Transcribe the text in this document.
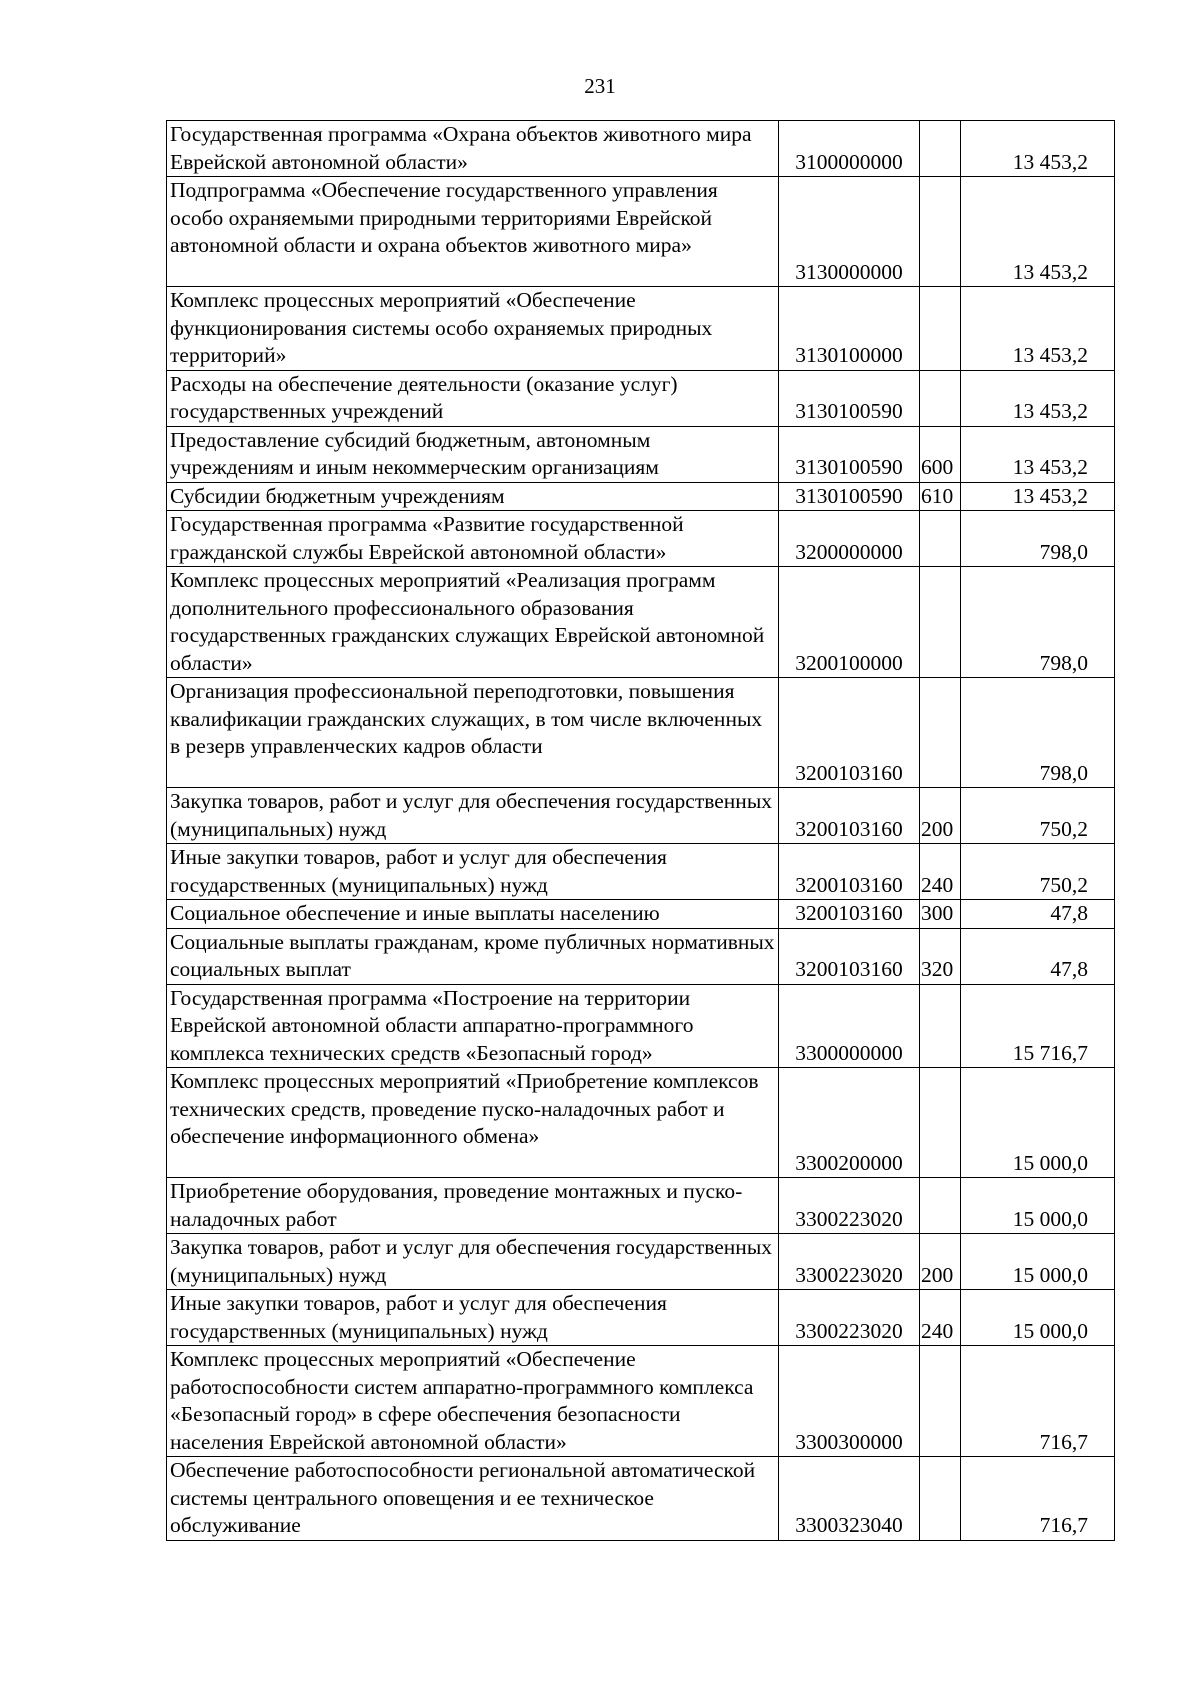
231
Государственная программа «Охрана объектов животного мира Еврейской автономной области»	3100000000		13 453,2
Подпрограмма «Обеспечение государственного управления особо охраняемыми природными территориями Еврейской автономной области и охрана объектов животного мира»	3130000000		13 453,2
Комплекс процессных мероприятий «Обеспечение функционирования системы особо охраняемых природных территорий»	3130100000		13 453,2
Расходы на обеспечение деятельности (оказание услуг) государственных учреждений	3130100590		13 453,2
Предоставление субсидий бюджетным, автономным учреждениям и иным некоммерческим организациям	3130100590	600	13 453,2
Субсидии бюджетным учреждениям	3130100590	610	13 453,2
Государственная программа «Развитие государственной гражданской службы Еврейской автономной области»	3200000000		798,0
Комплекс процессных мероприятий «Реализация программ дополнительного профессионального образования государственных гражданских служащих Еврейской автономной области»	3200100000		798,0
Организация профессиональной переподготовки, повышения квалификации гражданских служащих, в том числе включенных в резерв управленческих кадров области	3200103160		798,0
Закупка товаров, работ и услуг для обеспечения государственных (муниципальных) нужд	3200103160	200	750,2
Иные закупки товаров, работ и услуг для обеспечения государственных (муниципальных) нужд	3200103160	240	750,2
Социальное обеспечение и иные выплаты населению	3200103160	300	47,8
Социальные выплаты гражданам, кроме публичных нормативных социальных выплат	3200103160	320	47,8
Государственная программа «Построение на территории Еврейской автономной области аппаратно-программного комплекса технических средств «Безопасный город»	3300000000		15 716,7
Комплекс процессных мероприятий «Приобретение комплексов технических средств, проведение пуско-наладочных работ и обеспечение информационного обмена»	3300200000		15 000,0
Приобретение оборудования, проведение монтажных и пуско-наладочных работ	3300223020		15 000,0
Закупка товаров, работ и услуг для обеспечения государственных (муниципальных) нужд	3300223020	200	15 000,0
Иные закупки товаров, работ и услуг для обеспечения государственных (муниципальных) нужд	3300223020	240	15 000,0
Комплекс процессных мероприятий «Обеспечение работоспособности систем аппаратно-программного комплекса «Безопасный город» в сфере обеспечения безопасности населения Еврейской автономной области»	3300300000		716,7
Обеспечение работоспособности региональной автоматической системы центрального оповещения и ее техническое обслуживание	3300323040		716,7
